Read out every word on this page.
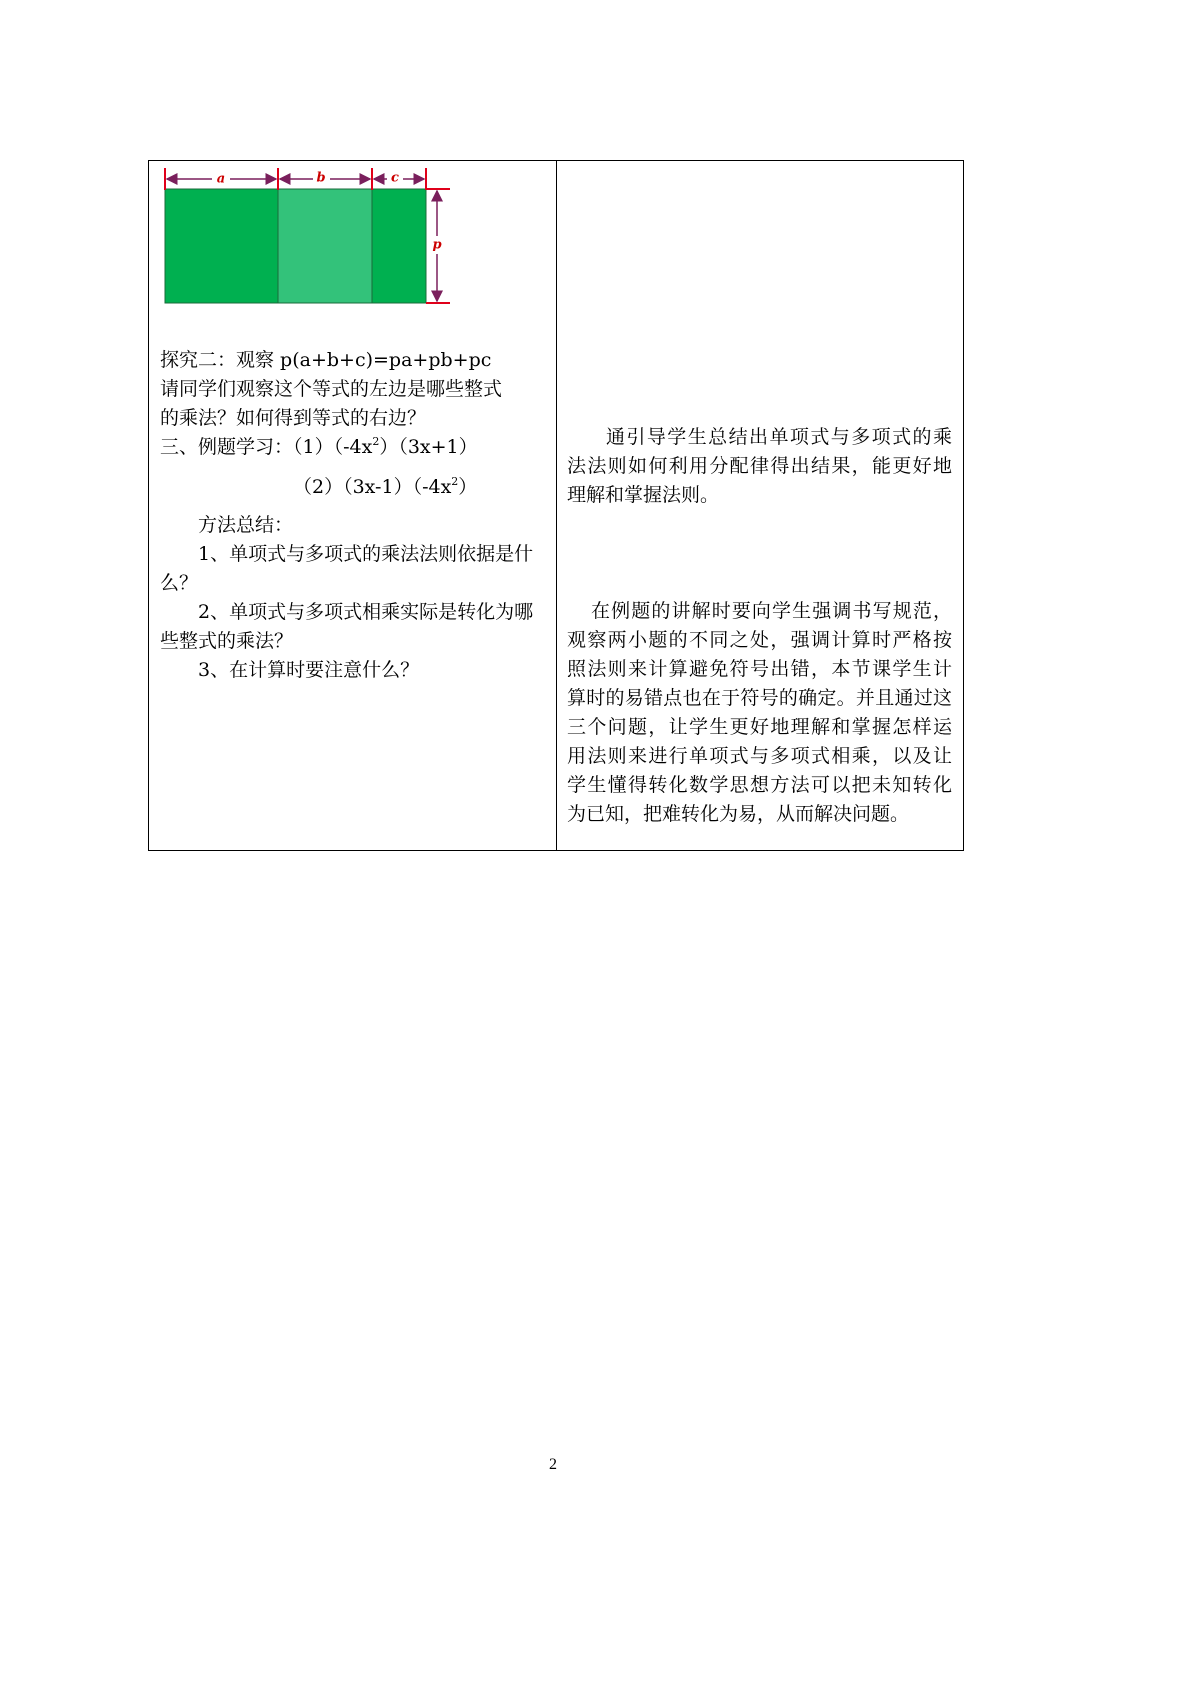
a	b	c
p
探究二：观察 p(a+b+c)=pa+pb+pc
请同学们观察这个等式的左边是哪些整式
的乘法？如何得到等式的右边？
三、例题学习：$(1)(-4x^2)(3x+1)$
$(2)(3x-1)(-4x^2)$
方法总结：
1、单项式与多项式的乘法法则依据是什
么？
2、单项式与多项式相乘实际是转化为哪
些整式的乘法？
3、在计算时要注意什么？
通引导学生总结出单项式与多项式的乘
法法则如何利用分配律得出结果，能更好地
理解和掌握法则。
在例题的讲解时要向学生强调书写规范，
观察两小题的不同之处，强调计算时严格按
照法则来计算避免符号出错，本节课学生计
算时的易错点也在于符号的确定。并且通过这
三个问题，让学生更好地理解和掌握怎样运
用法则来进行单项式与多项式相乘，以及让
学生懂得转化数学思想方法可以把未知转化
为已知，把难转化为易，从而解决问题。
2
